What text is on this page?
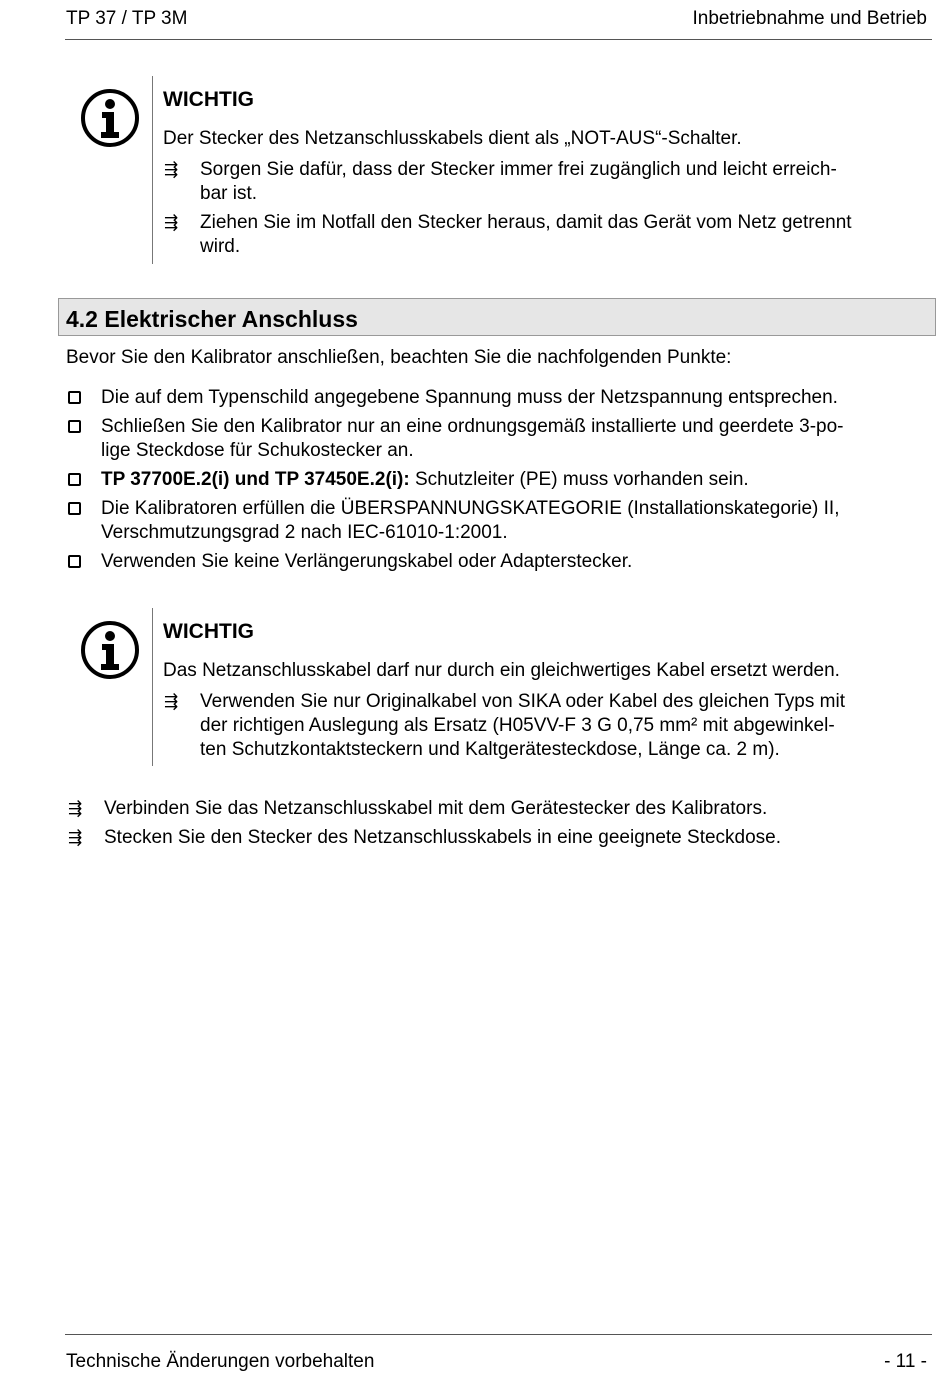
TP 37 / TP 3M	Inbetriebnahme und Betrieb
WICHTIG
Der Stecker des Netzanschlusskabels dient als „NOT-AUS“-Schalter.
⇶ Sorgen Sie dafür, dass der Stecker immer frei zugänglich und leicht erreich-
bar ist.
⇶ Ziehen Sie im Notfall den Stecker heraus, damit das Gerät vom Netz getrennt
wird.
4.2 Elektrischer Anschluss
Bevor Sie den Kalibrator anschließen, beachten Sie die nachfolgenden Punkte:
Die auf dem Typenschild angegebene Spannung muss der Netzspannung entsprechen.
Schließen Sie den Kalibrator nur an eine ordnungsgemäß installierte und geerdete 3-po-
lige Steckdose für Schukostecker an.
TP 37700E.2(i) und TP 37450E.2(i): Schutzleiter (PE) muss vorhanden sein.
Die Kalibratoren erfüllen die ÜBERSPANNUNGSKATEGORIE (Installationskategorie) II,
Verschmutzungsgrad 2 nach IEC-61010-1:2001.
Verwenden Sie keine Verlängerungskabel oder Adapterstecker.
WICHTIG
Das Netzanschlusskabel darf nur durch ein gleichwertiges Kabel ersetzt werden.
⇶ Verwenden Sie nur Originalkabel von SIKA oder Kabel des gleichen Typs mit
der richtigen Auslegung als Ersatz (H05VV-F 3 G 0,75 mm² mit abgewinkel-
ten Schutzkontaktsteckern und Kaltgerätesteckdose, Länge ca. 2 m).
⇶ Verbinden Sie das Netzanschlusskabel mit dem Gerätestecker des Kalibrators.
⇶ Stecken Sie den Stecker des Netzanschlusskabels in eine geeignete Steckdose.
Technische Änderungen vorbehalten	- 11 -
